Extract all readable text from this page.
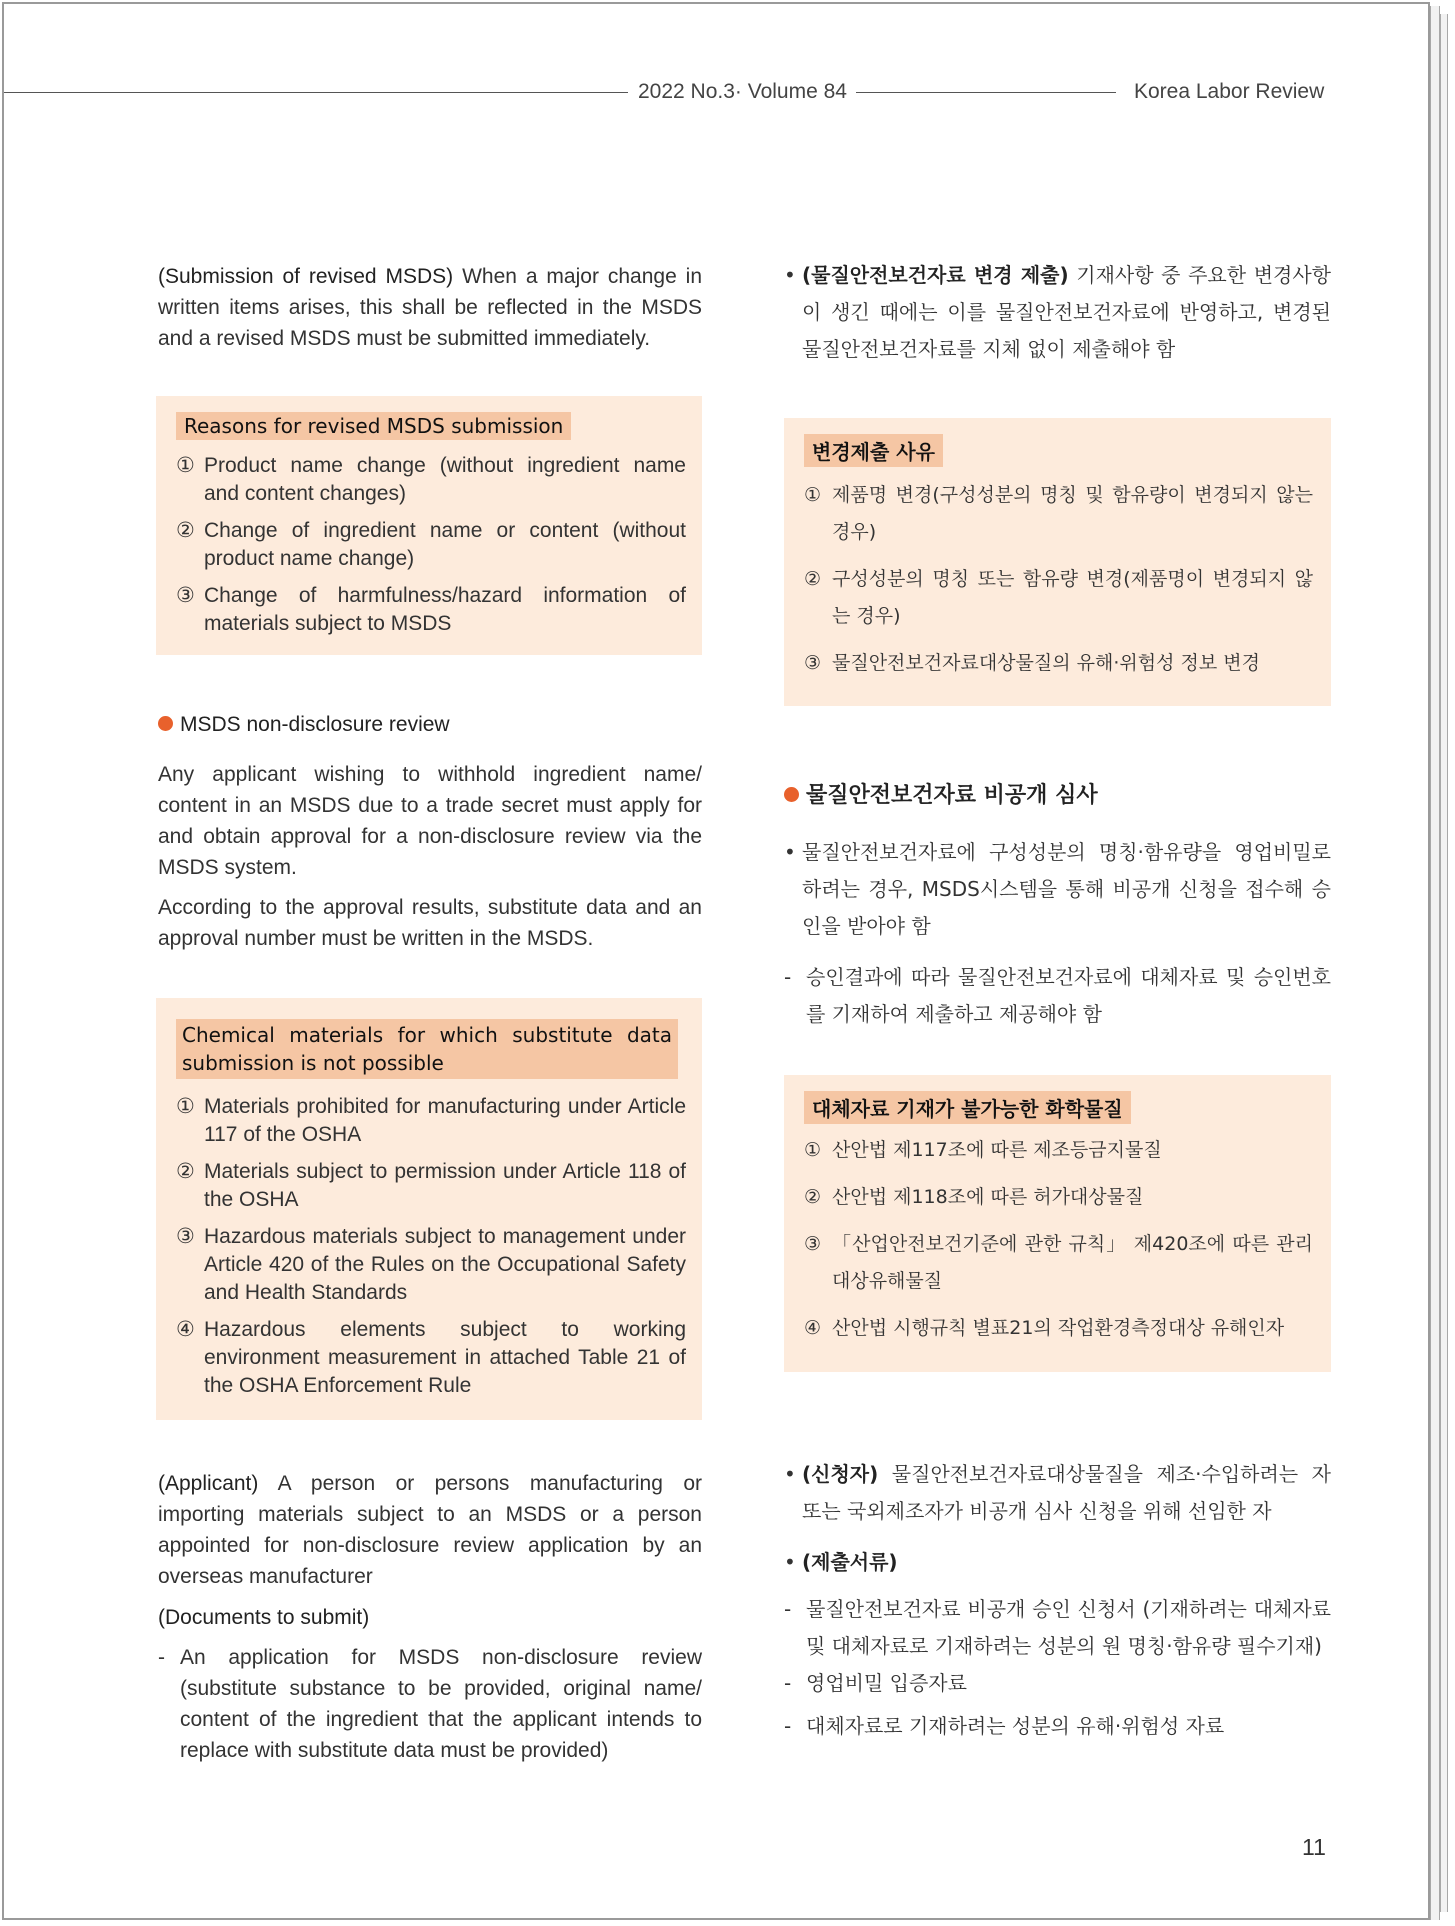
2022 No.3· Volume 84	Korea Labor Review

(Submission of revised MSDS) When a major change in written items arises, this shall be reflected in the MSDS and a revised MSDS must be submitted immediately.

Reasons for revised MSDS submission
① Product name change (without ingredient name and content changes)
② Change of ingredient name or content (without product name change)
③ Change of harmfulness/hazard information of materials subject to MSDS
MSDS non-disclosure review

Any applicant wishing to withhold ingredient name/ content in an MSDS due to a trade secret must apply for and obtain approval for a non-disclosure review via the MSDS system.

According to the approval results, substitute data and an approval number must be written in the MSDS.

Chemical materials for which substitute data submission is not possible
① Materials prohibited for manufacturing under Article 117 of the OSHA
② Materials subject to permission under Article 118 of the OSHA
③ Hazardous materials subject to management under Article 420 of the Rules on the Occupational Safety and Health Standards
④ Hazardous elements subject to working environment measurement in attached Table 21 of the OSHA Enforcement Rule

(Applicant) A person or persons manufacturing or importing materials subject to an MSDS or a person appointed for non-disclosure review application by an overseas manufacturer

(Documents to submit)

- An application for MSDS non-disclosure review (substitute substance to be provided, original name/ content of the ingredient that the applicant intends to replace with substitute data must be provided)
• (물질안전보건자료 변경 제출) 기재사항 중 주요한 변경사항이 생긴 때에는 이를 물질안전보건자료에 반영하고, 변경된 물질안전보건자료를 지체 없이 제출해야 함
변경제출 사유
① 제품명 변경(구성성분의 명칭 및 함유량이 변경되지 않는 경우)
② 구성성분의 명칭 또는 함유량 변경(제품명이 변경되지 않는 경우)
③ 물질안전보건자료대상물질의 유해·위험성 정보 변경
물질안전보건자료 비공개 심사
• 물질안전보건자료에 구성성분의 명칭·함유량을 영업비밀로 하려는 경우, MSDS시스템을 통해 비공개 신청을 접수해 승인을 받아야 함
- 승인결과에 따라 물질안전보건자료에 대체자료 및 승인번호를 기재하여 제출하고 제공해야 함
대체자료 기재가 불가능한 화학물질
① 산안법 제117조에 따른 제조등금지물질
② 산안법 제118조에 따른 허가대상물질
③ 「산업안전보건기준에 관한 규칙」 제420조에 따른 관리대상유해물질
④ 산안법 시행규칙 별표21의 작업환경측정대상 유해인자
• (신청자) 물질안전보건자료대상물질을 제조·수입하려는 자 또는 국외제조자가 비공개 심사 신청을 위해 선임한 자
• (제출서류)
- 물질안전보건자료 비공개 승인 신청서 (기재하려는 대체자료 및 대체자료로 기재하려는 성분의 원 명칭·함유량 필수기재)
- 영업비밀 입증자료
- 대체자료로 기재하려는 성분의 유해·위험성 자료
11
